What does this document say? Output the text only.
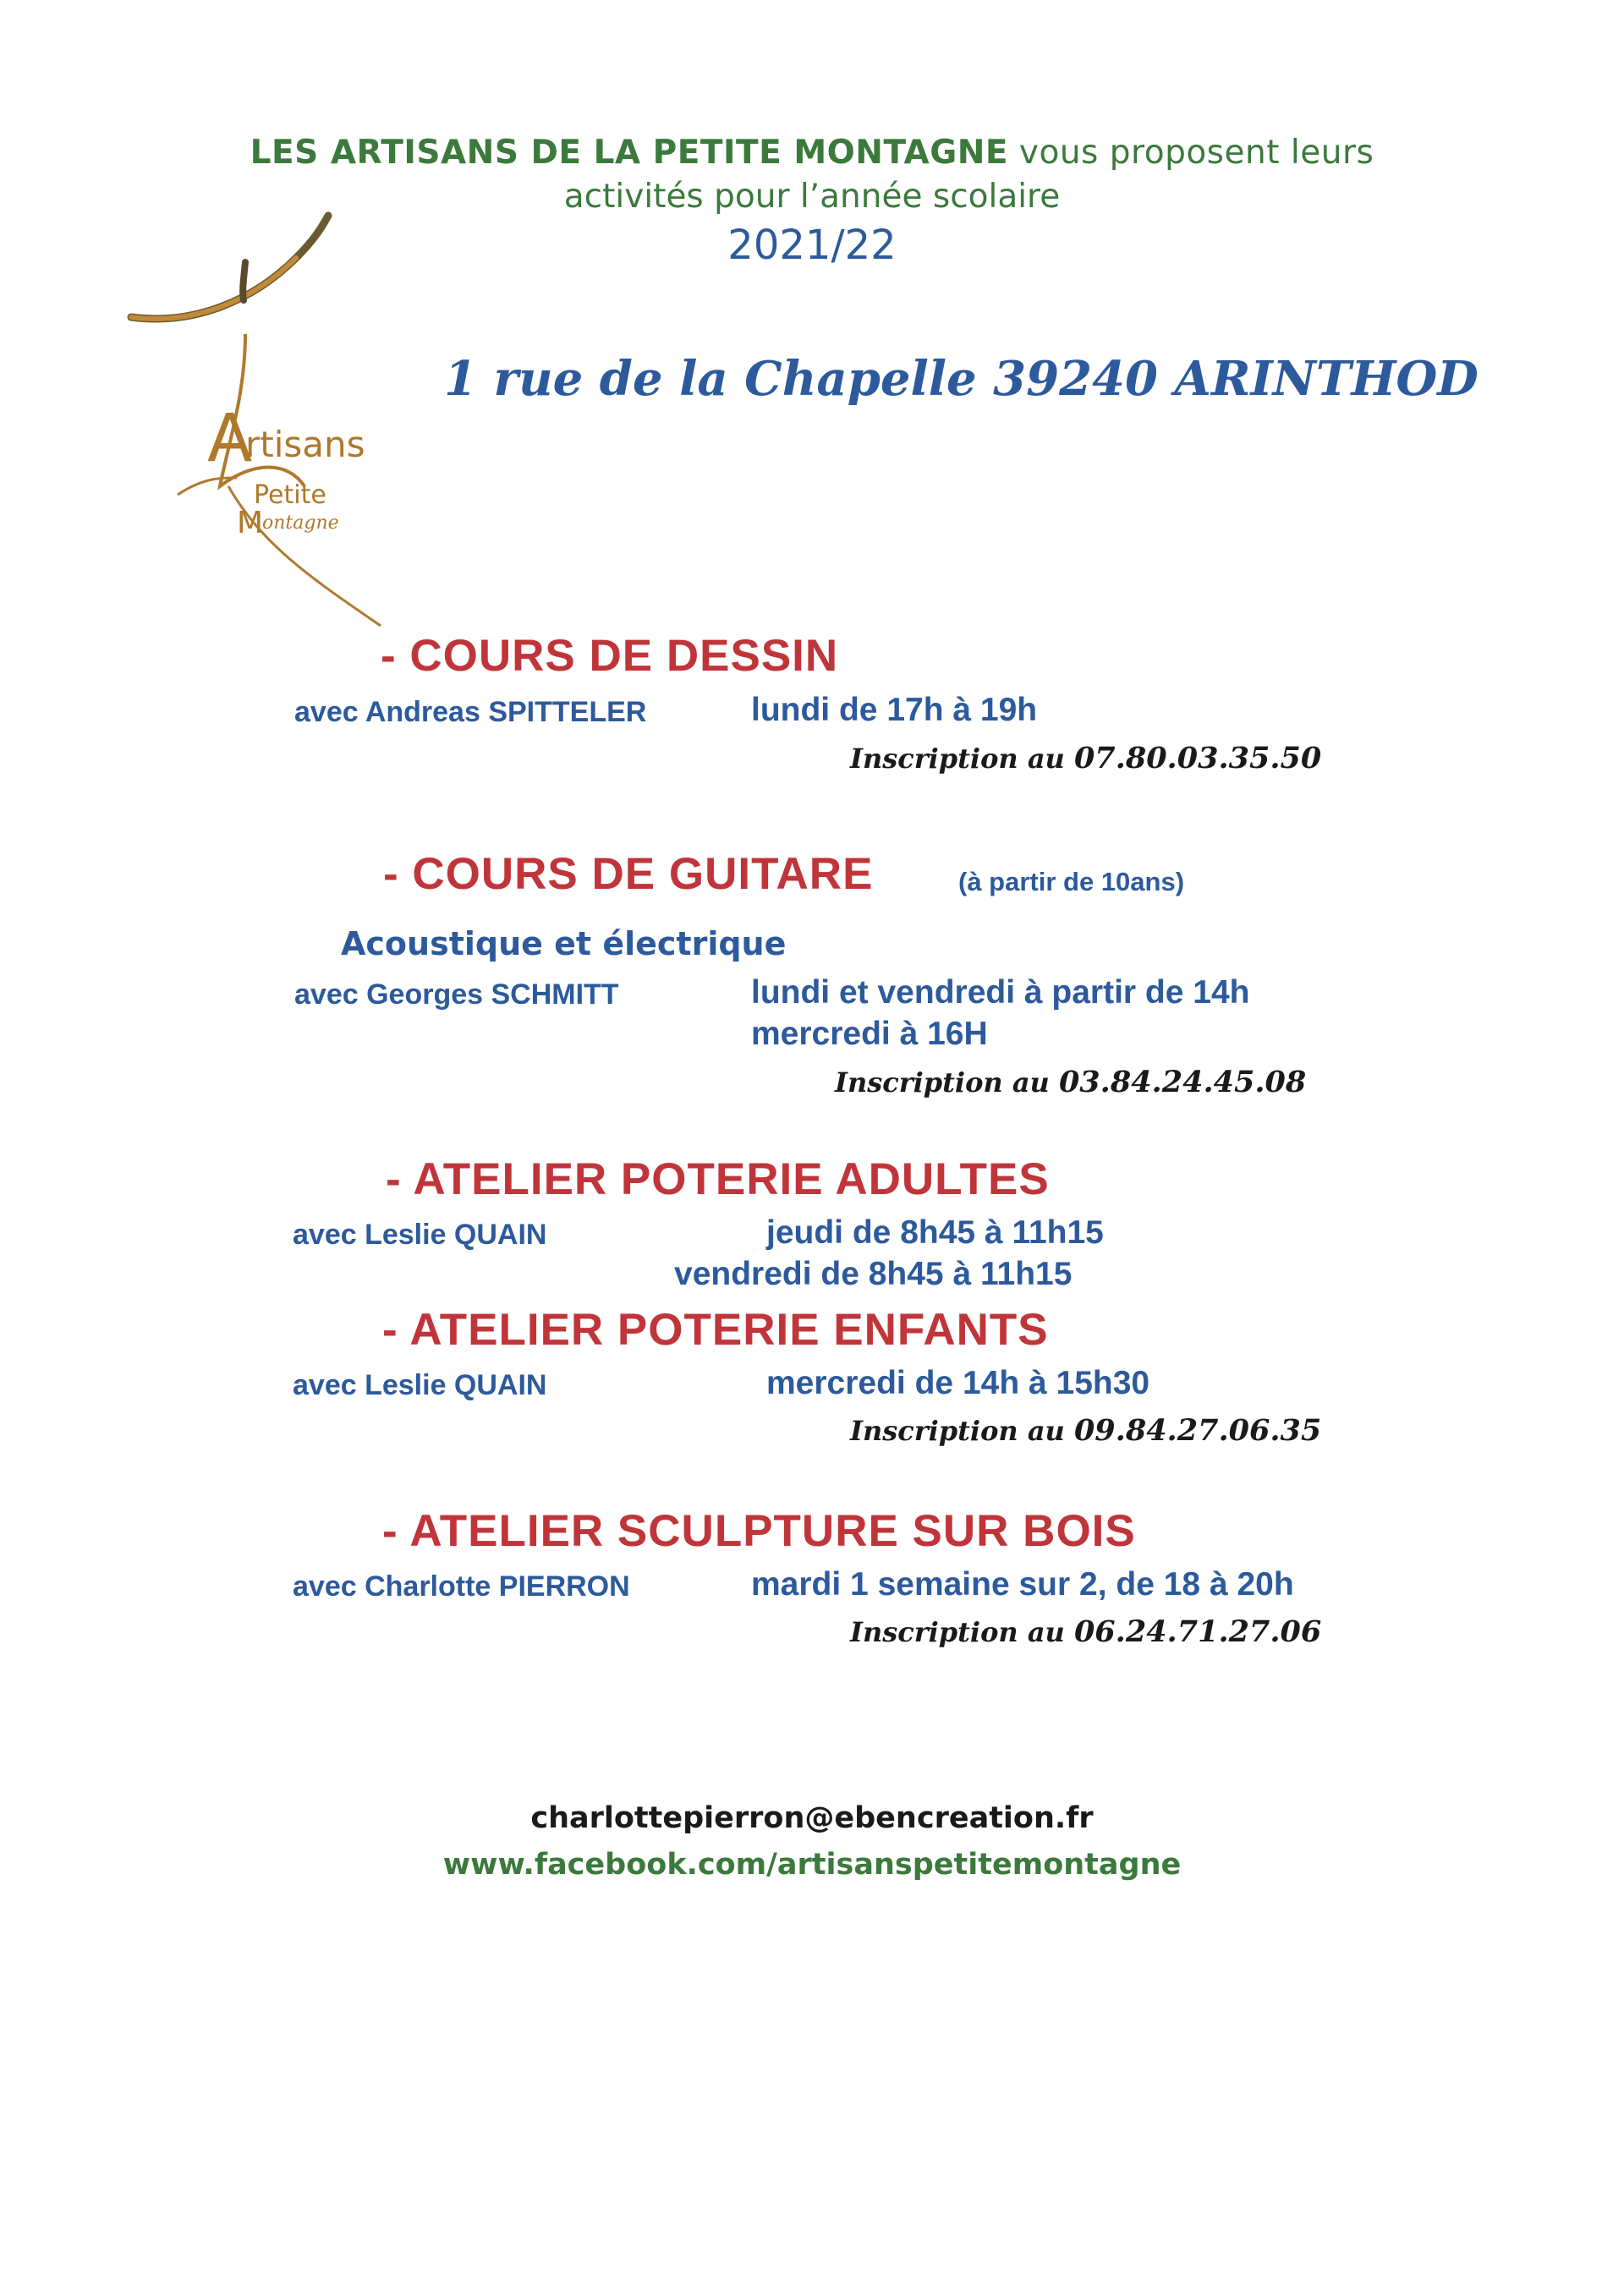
LES ARTISANS DE LA PETITE MONTAGNE vous proposent leurs
activités pour l’année scolaire
2021/22
A
rtisans
Petite
M
ontagne
1 rue de la Chapelle 39240 ARINTHOD
- COURS DE DESSIN
avec Andreas SPITTELER	lundi de 17h à 19h
Inscription au 07.80.03.35.50
- COURS DE GUITARE	(à partir de 10ans)
Acoustique et électrique
avec Georges SCHMITT	lundi et vendredi à partir de 14h
mercredi à 16H
Inscription au 03.84.24.45.08
- ATELIER POTERIE ADULTES
avec Leslie QUAIN	jeudi de 8h45 à 11h15
vendredi de 8h45 à 11h15
- ATELIER POTERIE ENFANTS
avec Leslie QUAIN	mercredi de 14h à 15h30
Inscription au 09.84.27.06.35
- ATELIER SCULPTURE SUR BOIS
avec Charlotte PIERRON	mardi 1 semaine sur 2, de 18 à 20h
Inscription au 06.24.71.27.06
charlottepierron@ebencreation.fr
www.facebook.com/artisanspetitemontagne
